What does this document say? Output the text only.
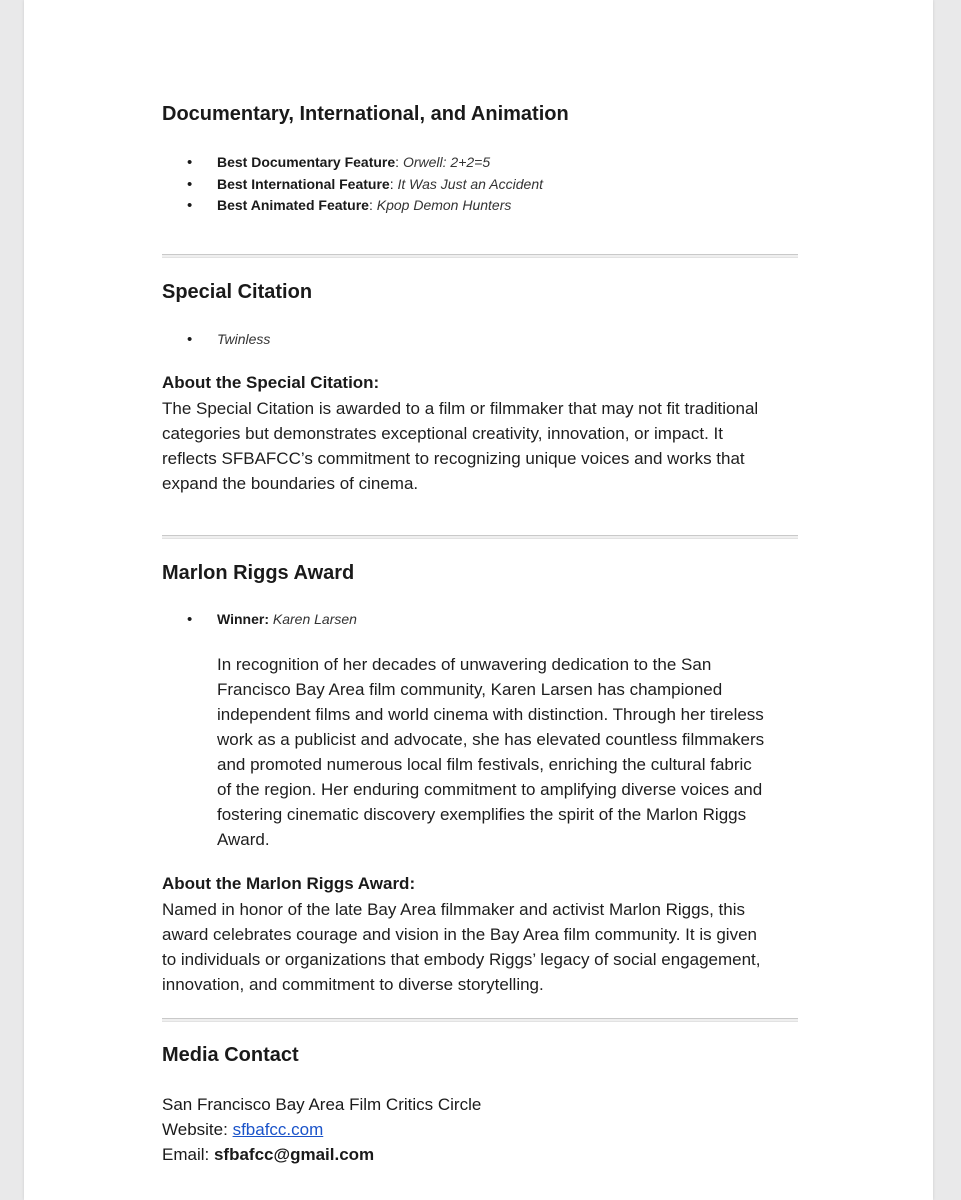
Documentary, International, and Animation
• Best Documentary Feature: Orwell: 2+2=5
• Best International Feature: It Was Just an Accident
• Best Animated Feature: Kpop Demon Hunters
Special Citation
• Twinless
About the Special Citation:
The Special Citation is awarded to a film or filmmaker that may not fit traditional
categories but demonstrates exceptional creativity, innovation, or impact. It
reflects SFBAFCC’s commitment to recognizing unique voices and works that
expand the boundaries of cinema.
Marlon Riggs Award
• Winner: Karen Larsen
In recognition of her decades of unwavering dedication to the San
Francisco Bay Area film community, Karen Larsen has championed
independent films and world cinema with distinction. Through her tireless
work as a publicist and advocate, she has elevated countless filmmakers
and promoted numerous local film festivals, enriching the cultural fabric
of the region. Her enduring commitment to amplifying diverse voices and
fostering cinematic discovery exemplifies the spirit of the Marlon Riggs
Award.
About the Marlon Riggs Award:
Named in honor of the late Bay Area filmmaker and activist Marlon Riggs, this
award celebrates courage and vision in the Bay Area film community. It is given
to individuals or organizations that embody Riggs’ legacy of social engagement,
innovation, and commitment to diverse storytelling.
Media Contact
San Francisco Bay Area Film Critics Circle
Website: sfbafcc.com
Email: sfbafcc@gmail.com
